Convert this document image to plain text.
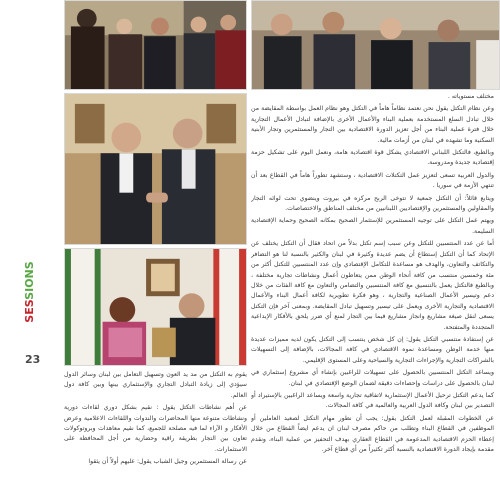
SESSIONS
23

مختلف مستوياته .

وعن نظام التكتل يقول نحن نعتمد نظاماً هاماً في التكتل وهو نظام العمل بواسطة المقايضة من خلال تبادل السلع المستخدمة بعملية البناء والأعمال الأخرى بالإضافة لتبادل الأعمال التجارية خلال فترة عملية البناء من أجل تعزيز الدورة الاقتصادية بين التجار والمستثمرين وتجار الأبنية السكنية وما تشهده في لبنان من أزمات مالية.

وبالطبع، فالتكتل اللبناني الاقتصادي يشكل قوة اقتصادية هامة، ونعمل اليوم على تشكيل حزمة إقتصادية جديدة ومدروسة.

والدول العربية تسعى لتعزيز عمل التكتلات الاقتصادية ، وستشهد تطوراً هاماً في القطاع بعد أن تنتهي الأزمة في سوريا .

ويتابع قائلاً: أن التكتل جمعية لا تتوخى الربح مركزه في بيروت وينضوي تحت لوائه التجار والمقاولين والمستثمرين والإقتصاديين اللبنانيين من مختلف المناطق والاختصاصات.

ويهتم عمل التكتل على توجيه المستثمرين للإستثمار الصحيح بمكانه الصحيح وحماية الإقتصادية السليمة.

أما عن عدد المنتسبين للتكتل وعن سبب إسم تكتل بدلاً من اتحاد فقال أن التكتل يختلف عن الإتحاد كما أن التكتل إستطاع أن يضم عديدة وكثيرة في لبنان والكثير بالنسبة لنا هو التضافر والتكاتف والتعاون، والهدف هو مساعدة للتكامل الإقتصادي وإن عدد المنتسبين للتكتل أكثر من مئة وخمسين منتسب من كافة أنحاء الوطن ممن يتعاطون أعمال ونشاطات تجارية مختلفة ، وبالطبع فالتكتل يعمل بالتنسيق مع كافة المنتسبين والتضامن والتعاون مع كافة الفئات من خلال دعم وتيسير الأعمال الصناعية والتجارية ، وهو فكرة تطويرية لكافة أعمال البناء والأعمال الاقتصادية والتجارية الأخرى ويعمل على تيسير وتسهيل تبادل المقايضة. وبمعنى آخر فإن التكتل يسعى لنقل صيغة مشاريع وانجاز مشاريع فيما بين التجار لمنع أي ضرر يلحق بالأفكار الإبداعية المتجددة والمتفتحة.

عن إستفادة منتسبي التكتل يقول: إن كل شخص ينتسب إلى التكتل يكون لديه مميزات عديدة منها خدمة الوطن ومساعدة نموه الاقتصادي في كافة المجالات، بالإضافة إلى التسهيلات بالشراكات التجارية والإجراءات التجارية والسياحية وعلى المستوى الإقليمي.

ويساعد التكتل المنتسبين بالحصول على تسهيلات للراغبين بإنشاء أي مشروع إستثماري في لبنان بالحصول على دراسات وإحصاءات دقيقة لضمان الوضع الإقتصادي في لبنان.

كما يدعم التكتل ترحيل الأعمال الإستثمارية لاتفاقية تجارية واسعة ويساعد الراغبين بالإستيراد أو التصدير بين لبنان وكافة الدول العربية والعالمية في كافة المجالات.

عن الخطوات المقبلة لعمل التكتل يقول: يجب أن نطور مهام التكتل لصعيد العاملين أو الموظفين في القطاع البناء وتطلب من حاكم مصرف لبنان ان يدعم ايضاً القطاع من خلال إعطاء الحزم الاقتصادية المدعومة في القطاع العقاري بهدف التحفيز من عملية البناء، ونقدم مقدمة بإيجاد الدورة الاقتصادية بالنسبة أكثر تكثيراً من أي قطاع آخر.

يقوم به التكتل من مد يد العون وتسهيل التعامل بين لبنان وسائر الدول سيؤدي إلى زيادة التبادل التجاري والإستثماري بينها وبين كافة دول العالم.

عن أهم نشاطات التكتل يقول : نقيم بشكل دوري لقاءات دورية ونشاطات متنوعة منها المحاضرات والندوات واللقاءات الاعلامية وعرض الأفكار و الآراء لما فيه مصلحة للجميع، كما نقيم معاهدات وبروتوكولات تعاون بين التجار بطريقة راقية وحضارية من أجل المحافظة على الاستثمارات.

عن رسالة المستثمرين وجيل الشباب يقول: عليهم أولاً أن يثقوا
